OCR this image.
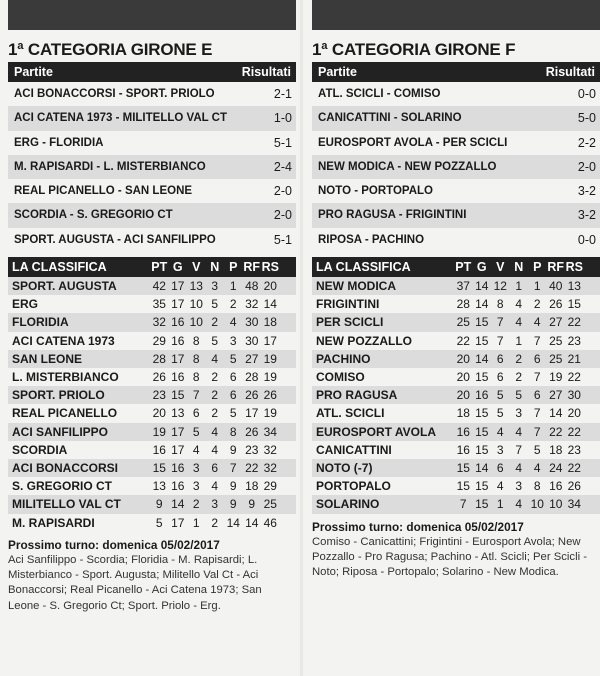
1ª CATEGORIA GIRONE E
Partite	Risultati
ACI BONACCORSI - SPORT. PRIOLO	2-1
ACI CATENA 1973 - MILITELLO VAL CT	1-0
ERG - FLORIDIA	5-1
M. RAPISARDI - L. MISTERBIANCO	2-4
REAL PICANELLO - SAN LEONE	2-0
SCORDIA - S. GREGORIO CT	2-0
SPORT. AUGUSTA - ACI SANFILIPPO	5-1
LA CLASSIFICA	PT G V N P RF RS
SPORT. AUGUSTA	42 17 13 3 1 48 20
ERG	35 17 10 5 2 32 14
FLORIDIA	32 16 10 2 4 30 18
ACI CATENA 1973	29 16 8 5 3 30 17
SAN LEONE	28 17 8 4 5 27 19
L. MISTERBIANCO	26 16 8 2 6 28 19
SPORT. PRIOLO	23 15 7 2 6 26 26
REAL PICANELLO	20 13 6 2 5 17 19
ACI SANFILIPPO	19 17 5 4 8 26 34
SCORDIA	16 17 4 4 9 23 32
ACI BONACCORSI	15 16 3 6 7 22 32
S. GREGORIO CT	13 16 3 4 9 18 29
MILITELLO VAL CT	9 14 2 3 9 9 25
M. RAPISARDI	5 17 1 2 14 14 46
Prossimo turno: domenica 05/02/2017
Aci Sanfilippo - Scordia; Floridia - M. Rapisardi; L. Misterbianco - Sport. Augusta; Militello Val Ct - Aci Bonaccorsi; Real Picanello - Aci Catena 1973; San Leone - S. Gregorio Ct; Sport. Priolo - Erg.
1ª CATEGORIA GIRONE F
Partite	Risultati
ATL. SCICLI - COMISO	0-0
CANICATTINI - SOLARINO	5-0
EUROSPORT AVOLA - PER SCICLI	2-2
NEW MODICA - NEW POZZALLO	2-0
NOTO - PORTOPALO	3-2
PRO RAGUSA - FRIGINTINI	3-2
RIPOSA - PACHINO	0-0
LA CLASSIFICA	PT G V N P RF RS
NEW MODICA	37 14 12 1 1 40 13
FRIGINTINI	28 14 8 4 2 26 15
PER SCICLI	25 15 7 4 4 27 22
NEW POZZALLO	22 15 7 1 7 25 23
PACHINO	20 14 6 2 6 25 21
COMISO	20 15 6 2 7 19 22
PRO RAGUSA	20 16 5 5 6 27 30
ATL. SCICLI	18 15 5 3 7 14 20
EUROSPORT AVOLA	16 15 4 4 7 22 22
CANICATTINI	16 15 3 7 5 18 23
NOTO (-7)	15 14 6 4 4 24 22
PORTOPALO	15 15 4 3 8 16 26
SOLARINO	7 15 1 4 10 10 34
Prossimo turno: domenica 05/02/2017
Comiso - Canicattini; Frigintini - Eurosport Avola; New Pozzallo - Pro Ragusa; Pachino - Atl. Scicli; Per Scicli - Noto; Riposa - Portopalo; Solarino - New Modica.
